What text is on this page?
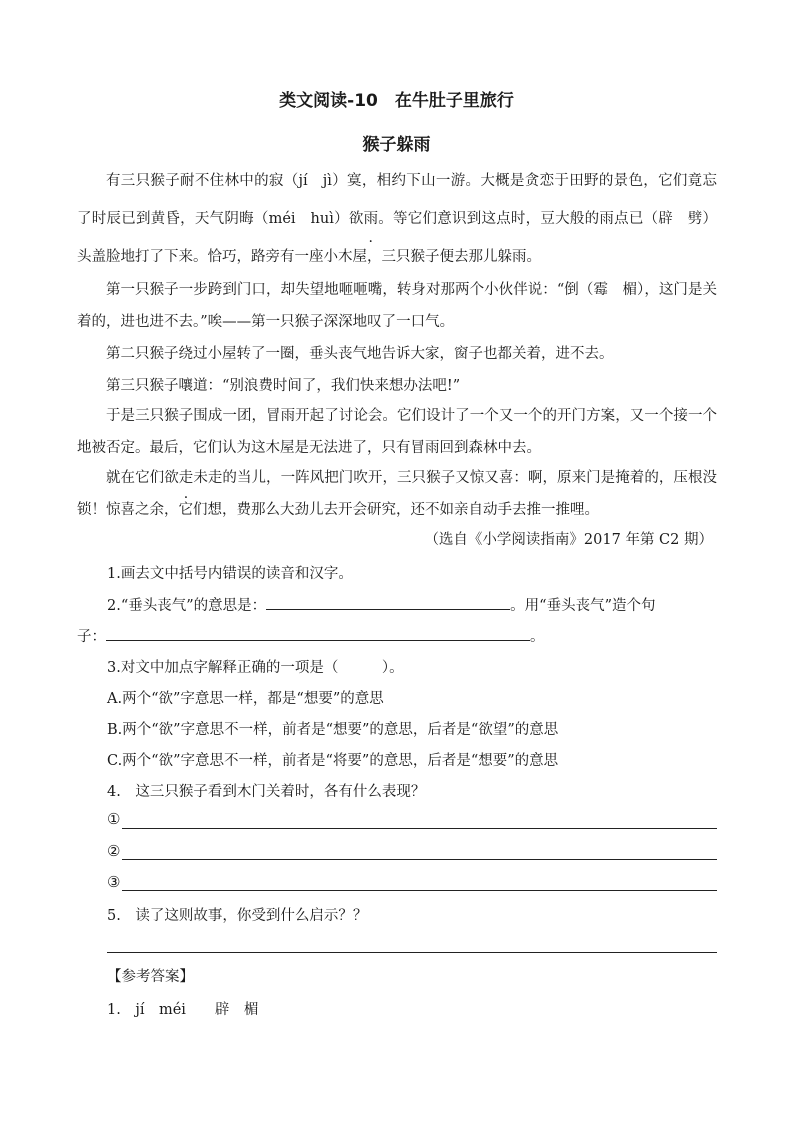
类文阅读-10　在牛肚子里旅行
猴子躲雨
有三只猴子耐不住林中的寂（jí　jì）寞，相约下山一游。大概是贪恋于田野的景色，它们竟忘了时辰已到黄昏，天气阴晦（méi　huì）欲雨。等它们意识到这点时，豆大般的雨点已（辟　劈）头盖脸地打了下来。恰巧，路旁有一座小木屋，三只猴子便去那儿躲雨。
第一只猴子一步跨到门口，却失望地咂咂嘴，转身对那两个小伙伴说：“倒（霉　楣），这门是关着的，进也进不去。”唉——第一只猴子深深地叹了一口气。
第二只猴子绕过小屋转了一圈，垂头丧气地告诉大家，窗子也都关着，进不去。
第三只猴子嚷道：“别浪费时间了，我们快来想办法吧!”
于是三只猴子围成一团，冒雨开起了讨论会。它们设计了一个又一个的开门方案，又一个接一个地被否定。最后，它们认为这木屋是无法进了，只有冒雨回到森林中去。
就在它们欲走未走的当儿，一阵风把门吹开，三只猴子又惊又喜：啊，原来门是掩着的，压根没锁！惊喜之余，它们想，费那么大劲儿去开会研究，还不如亲自动手去推一推哩。
（选自《小学阅读指南》2017 年第 C2 期）
1.画去文中括号内错误的读音和汉字。
2.“垂头丧气”的意思是：	。用“垂头丧气”造个句
子：	。
3.对文中加点字解释正确的一项是（　　　）。
A.两个“欲”字意思一样，都是“想要”的意思
B.两个“欲”字意思不一样，前者是“想要”的意思，后者是“欲望”的意思
C.两个“欲”字意思不一样，前者是“将要”的意思，后者是“想要”的意思
4.　这三只猴子看到木门关着时，各有什么表现？
①
②
③
5.　读了这则故事，你受到什么启示？？
【参考答案】
1.　jí　méi　　辟　楣
